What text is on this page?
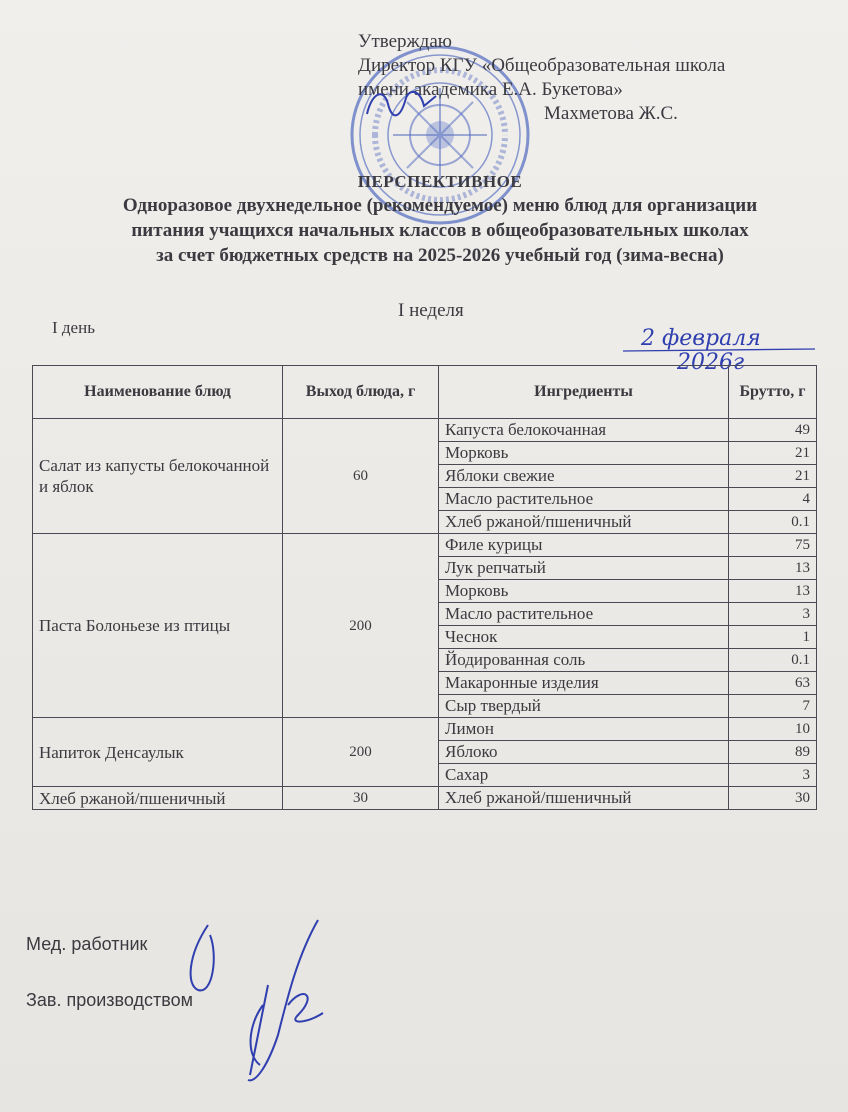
Утверждаю
Директор КГУ «Общеобразовательная школа
имени академика Е.А. Букетова»
Махметова Ж.С.
ПЕРСПЕКТИВНОЕ
Одноразовое двухнедельное (рекомендуемое) меню блюд для организации
питания учащихся начальных классов в общеобразовательных школах
за счет бюджетных средств на 2025-2026 учебный год (зима-весна)
I неделя
I день	2 февраля
2026г
Наименование блюд	Выход блюда, г	Ингредиенты	Брутто, г
Салат из капусты белокочанной и яблок	60	Капуста белокочанная	49
		Морковь	21
		Яблоки свежие	21
		Масло растительное	4
		Хлеб ржаной/пшеничный	0.1
Паста Болоньезе из птицы	200	Филе курицы	75
		Лук репчатый	13
		Морковь	13
		Масло растительное	3
		Чеснок	1
		Йодированная соль	0.1
		Макаронные изделия	63
		Сыр твердый	7
Напиток Денсаулык	200	Лимон	10
		Яблоко	89
		Сахар	3
Хлеб ржаной/пшеничный	30	Хлеб ржаной/пшеничный	30
Мед. работник
Зав. производством
